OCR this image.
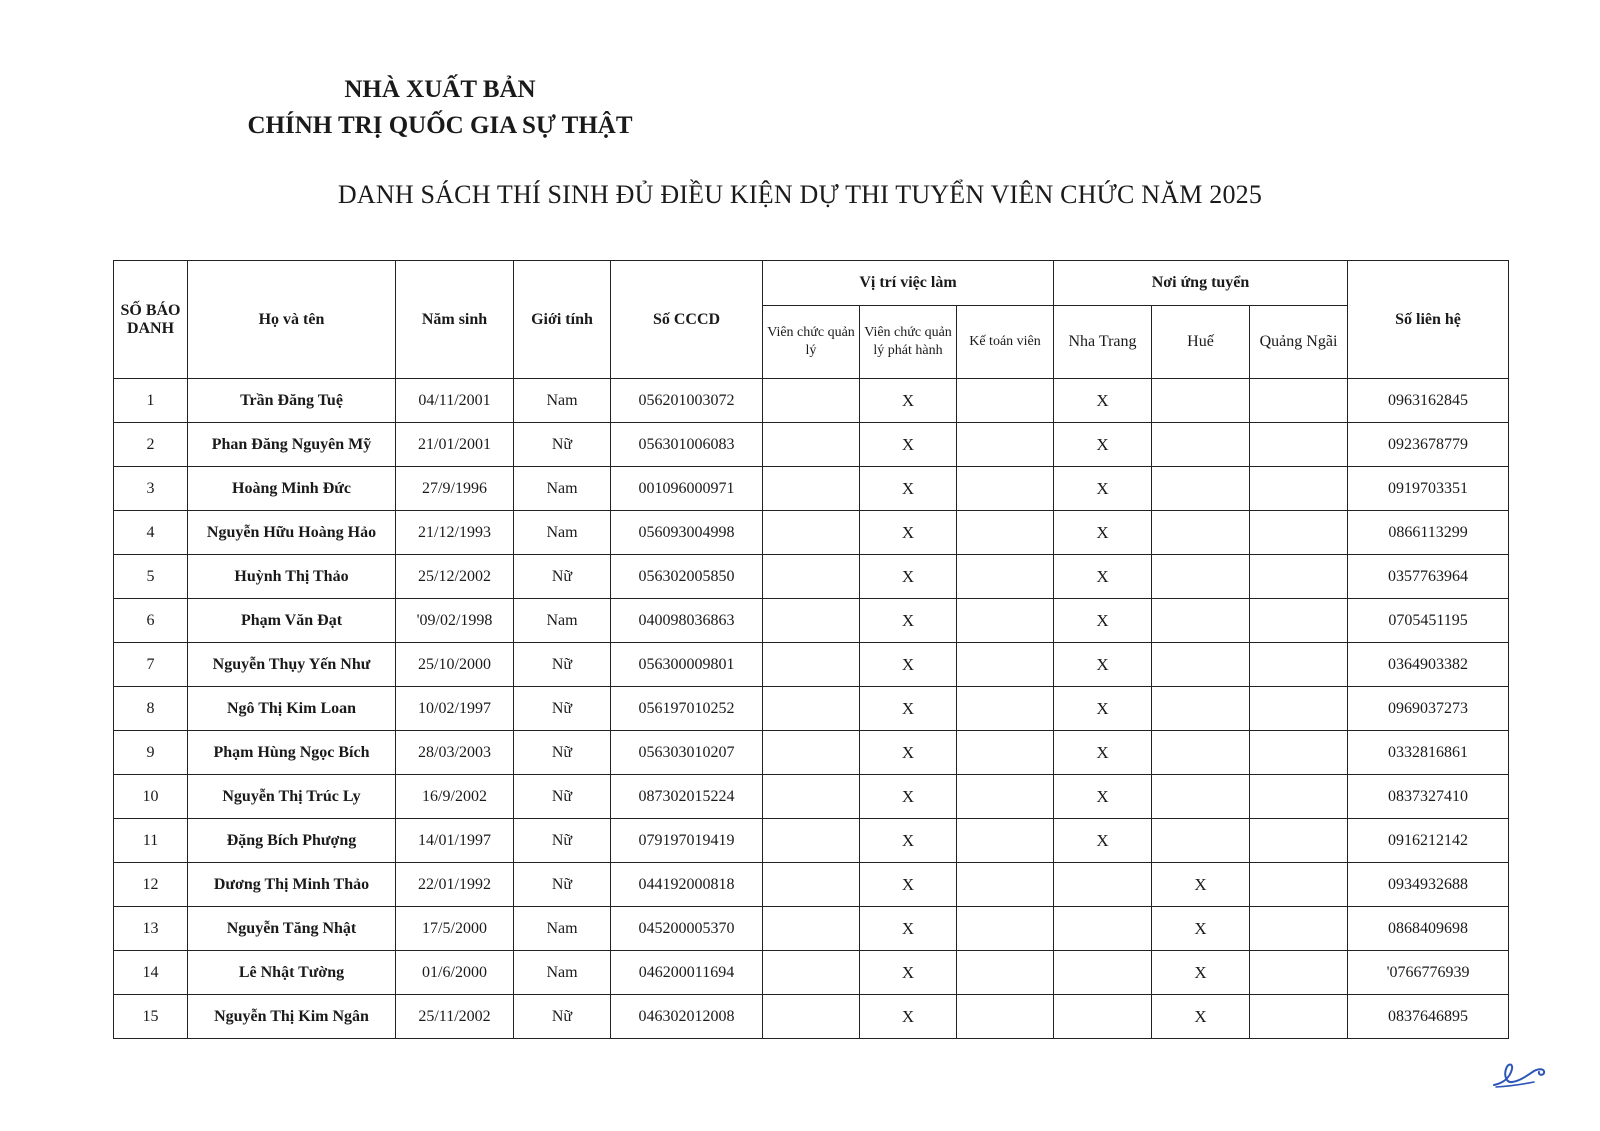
NHÀ XUẤT BẢN
CHÍNH TRỊ QUỐC GIA SỰ THẬT
DANH SÁCH THÍ SINH ĐỦ ĐIỀU KIỆN DỰ THI TUYỂN VIÊN CHỨC NĂM 2025
SỐ BÁO DANH	Họ và tên	Năm sinh	Giới tính	Số CCCD	Vị trí việc làm			Nơi ứng tuyển			Số liên hệ
					Viên chức quản lý	Viên chức quản lý phát hành	Kế toán viên	Nha Trang	Huế	Quảng Ngãi	
1	Trần Đăng Tuệ	04/11/2001	Nam	056201003072		X		X			0963162845
2	Phan Đăng Nguyên Mỹ	21/01/2001	Nữ	056301006083		X		X			0923678779
3	Hoàng Minh Đức	27/9/1996	Nam	001096000971		X		X			0919703351
4	Nguyễn Hữu Hoàng Hảo	21/12/1993	Nam	056093004998		X		X			0866113299
5	Huỳnh Thị Thảo	25/12/2002	Nữ	056302005850		X		X			0357763964
6	Phạm Văn Đạt	'09/02/1998	Nam	040098036863		X		X			0705451195
7	Nguyễn Thụy Yến Như	25/10/2000	Nữ	056300009801		X		X			0364903382
8	Ngô Thị Kim Loan	10/02/1997	Nữ	056197010252		X		X			0969037273
9	Phạm Hùng Ngọc Bích	28/03/2003	Nữ	056303010207		X		X			0332816861
10	Nguyễn Thị Trúc Ly	16/9/2002	Nữ	087302015224		X		X			0837327410
11	Đặng Bích Phượng	14/01/1997	Nữ	079197019419		X		X			0916212142
12	Dương Thị Minh Thảo	22/01/1992	Nữ	044192000818		X			X		0934932688
13	Nguyễn Tăng Nhật	17/5/2000	Nam	045200005370		X			X		0868409698
14	Lê Nhật Tường	01/6/2000	Nam	046200011694		X			X		'0766776939
15	Nguyễn Thị Kim Ngân	25/11/2002	Nữ	046302012008		X			X		0837646895
